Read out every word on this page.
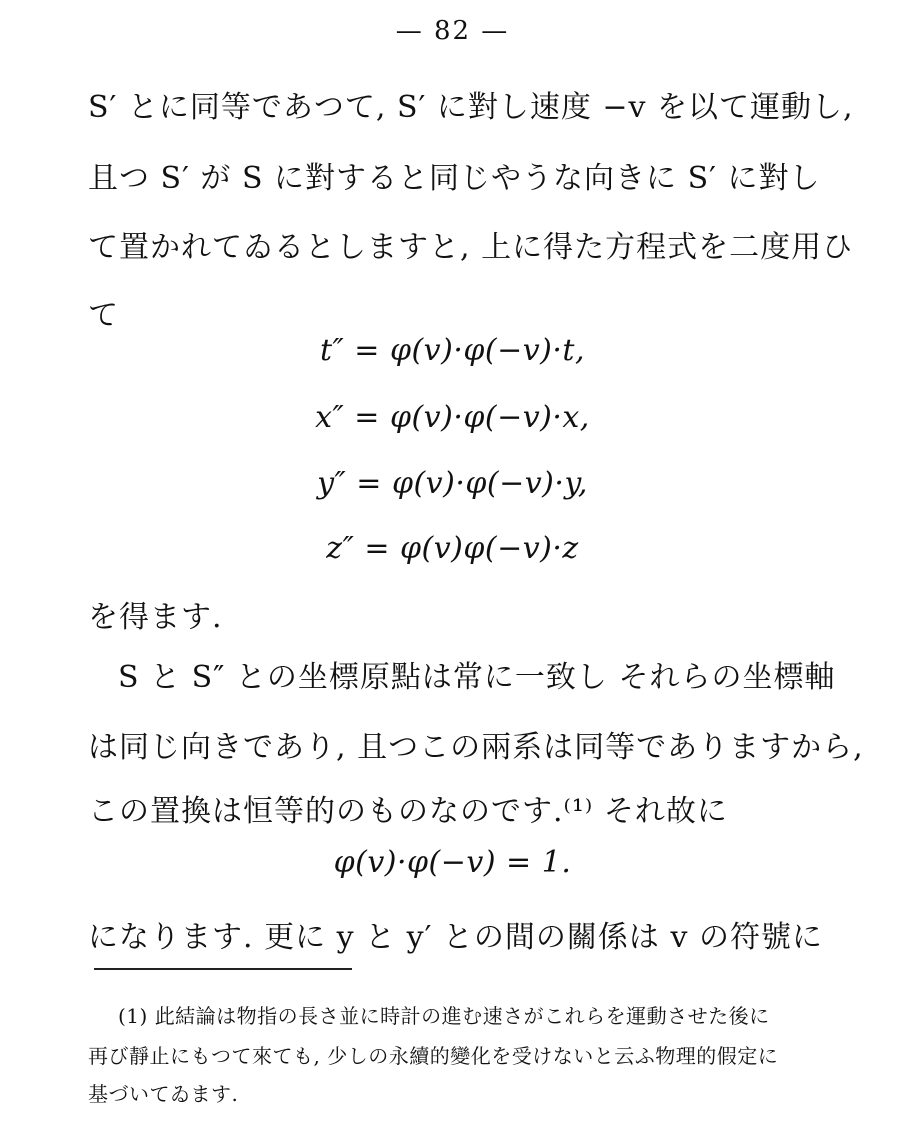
— 82 —
S′ とに同等であつて, S′ に對し速度 −v を以て運動し,
且つ S′ が S に對すると同じやうな向きに S′ に對し
て置かれてゐるとしますと, 上に得た方程式を二度用ひ
て
t″ = φ(v)·φ(−v)·t,
x″ = φ(v)·φ(−v)·x,
y″ = φ(v)·φ(−v)·y,
z″ = φ(v)φ(−v)·z
を得ます.
S と S″ との坐標原點は常に一致し それらの坐標軸
は同じ向きであり, 且つこの兩系は同等でありますから,
この置換は恒等的のものなのです.⁽¹⁾ それ故に
φ(v)·φ(−v) = 1.
になります. 更に y と y′ との間の關係は v の符號に
(1) 此結論は物指の長さ並に時計の進む速さがこれらを運動させた後に
再び靜止にもつて來ても, 少しの永續的變化を受けないと云ふ物理的假定に
基づいてゐます.
